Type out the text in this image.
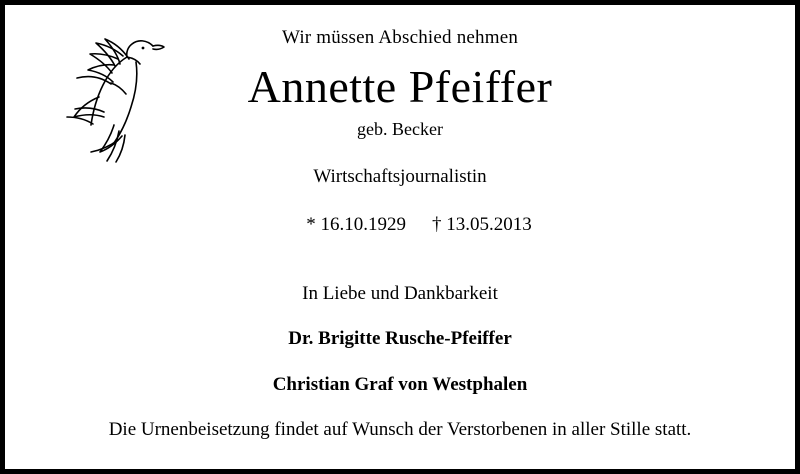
Wir müssen Abschied nehmen
Annette Pfeiffer
geb. Becker
Wirtschaftsjournalistin

* 16.10.1929 † 13.05.2013

In Liebe und Dankbarkeit
Dr. Brigitte Rusche-Pfeiffer
Christian Graf von Westphalen
Die Urnenbeisetzung findet auf Wunsch der Verstorbenen in aller Stille statt.
